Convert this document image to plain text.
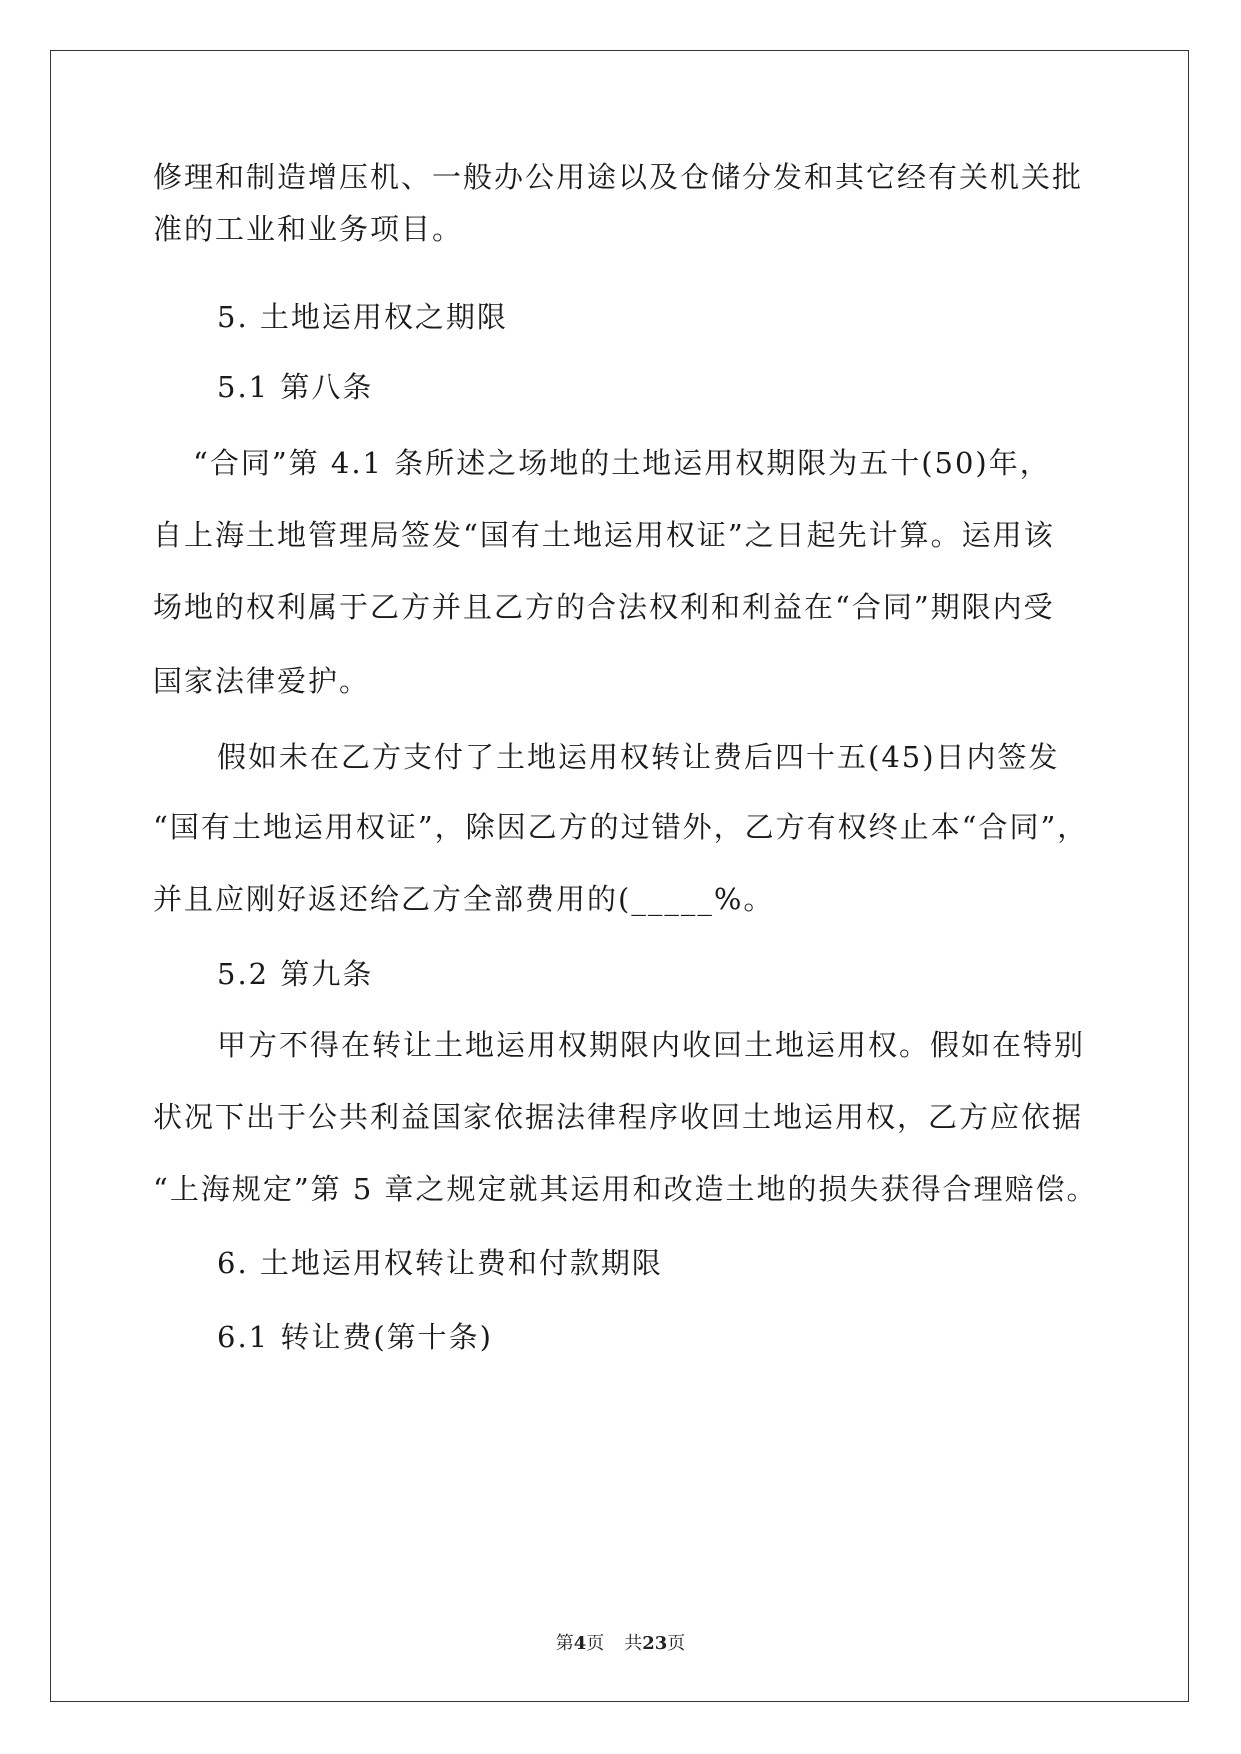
修理和制造增压机、一般办公用途以及仓储分发和其它经有关机关批
准的工业和业务项目。
5. 土地运用权之期限
5.1 第八条
“合同”第 4.1 条所述之场地的土地运用权期限为五十(50)年，
自上海土地管理局签发“国有土地运用权证”之日起先计算。运用该
场地的权利属于乙方并且乙方的合法权利和利益在“合同”期限内受
国家法律爱护。
假如未在乙方支付了土地运用权转让费后四十五(45)日内签发
“国有土地运用权证”，除因乙方的过错外，乙方有权终止本“合同”，
并且应刚好返还给乙方全部费用的(_____%。
5.2 第九条
甲方不得在转让土地运用权期限内收回土地运用权。假如在特别
状况下出于公共利益国家依据法律程序收回土地运用权，乙方应依据
“上海规定”第 5 章之规定就其运用和改造土地的损失获得合理赔偿。
6. 土地运用权转让费和付款期限
6.1 转让费(第十条)
第4页 共23页
